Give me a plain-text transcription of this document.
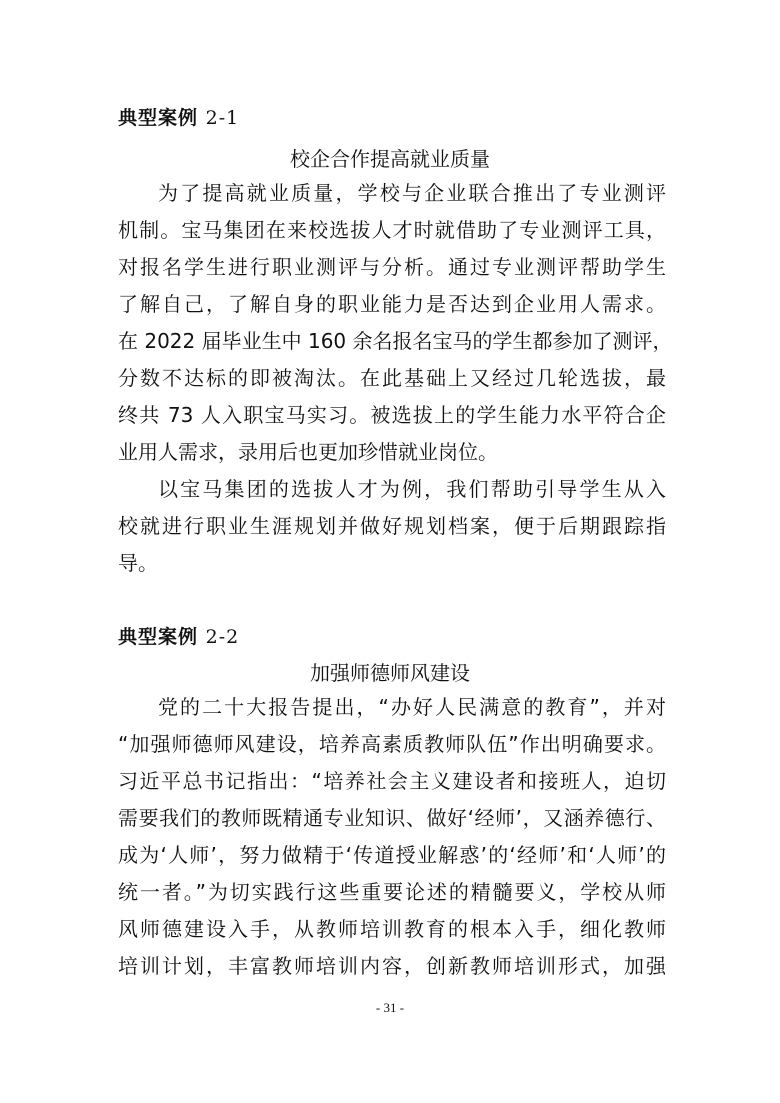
典型案例 2-1
校企合作提高就业质量
为了提高就业质量，学校与企业联合推出了专业测评
机制。宝马集团在来校选拔人才时就借助了专业测评工具，
对报名学生进行职业测评与分析。通过专业测评帮助学生
了解自己，了解自身的职业能力是否达到企业用人需求。
在 2022 届毕业生中 160 余名报名宝马的学生都参加了测评，
分数不达标的即被淘汰。在此基础上又经过几轮选拔，最
终共 73 人入职宝马实习。被选拔上的学生能力水平符合企
业用人需求，录用后也更加珍惜就业岗位。
以宝马集团的选拔人才为例，我们帮助引导学生从入
校就进行职业生涯规划并做好规划档案，便于后期跟踪指
导。
典型案例 2-2
加强师德师风建设
党的二十大报告提出，“办好人民满意的教育”，并对
“加强师德师风建设，培养高素质教师队伍”作出明确要求。
习近平总书记指出：“培养社会主义建设者和接班人，迫切
需要我们的教师既精通专业知识、做好‘经师’，又涵养德行、
成为‘人师’，努力做精于‘传道授业解惑’的‘经师’和‘人师’的
统一者。”为切实践行这些重要论述的精髓要义，学校从师
风师德建设入手，从教师培训教育的根本入手，细化教师
培训计划，丰富教师培训内容，创新教师培训形式，加强
- 31 -
